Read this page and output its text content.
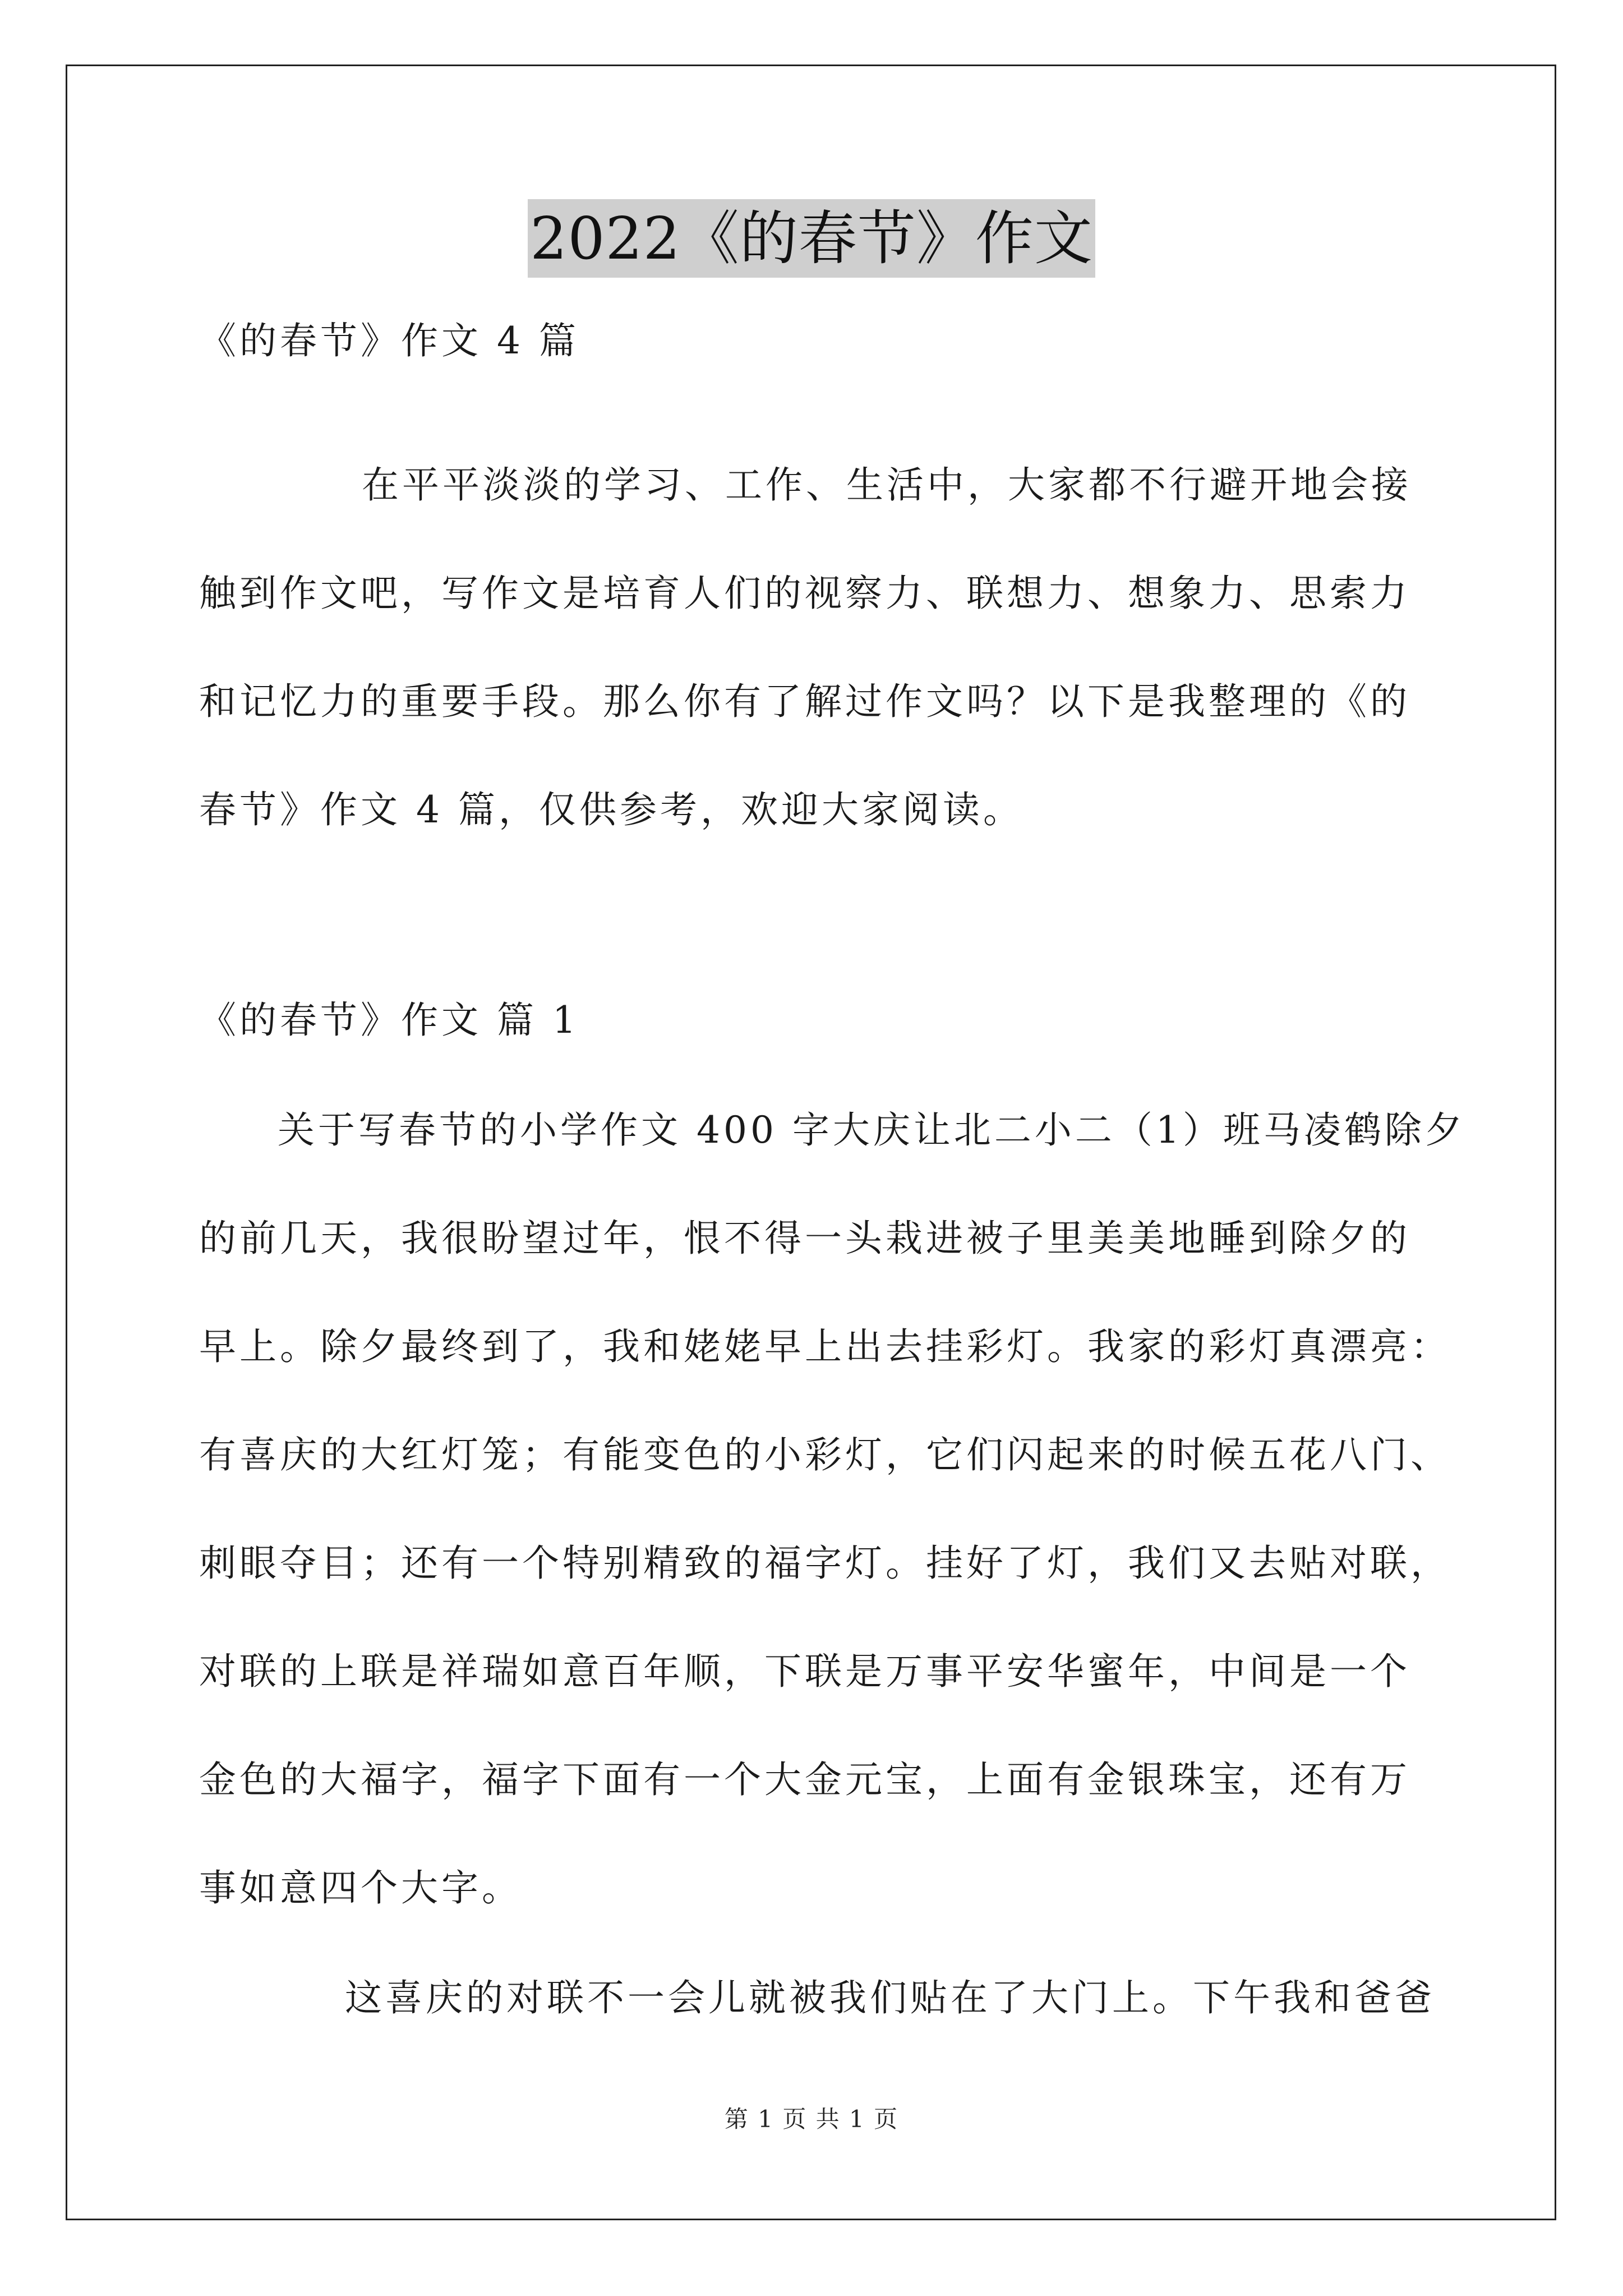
2022《的春节》作文
《的春节》作文 4 篇
在平平淡淡的学习、工作、生活中，大家都不行避开地会接
触到作文吧，写作文是培育人们的视察力、联想力、想象力、思索力
和记忆力的重要手段。那么你有了解过作文吗？以下是我整理的《的
春节》作文 4 篇，仅供参考，欢迎大家阅读。
《的春节》作文 篇 1
关于写春节的小学作文 400 字大庆让北二小二（1）班马凌鹤除夕
的前几天，我很盼望过年，恨不得一头栽进被子里美美地睡到除夕的
早上。除夕最终到了，我和姥姥早上出去挂彩灯。我家的彩灯真漂亮：
有喜庆的大红灯笼；有能变色的小彩灯，它们闪起来的时候五花八门、
刺眼夺目；还有一个特别精致的福字灯。挂好了灯，我们又去贴对联，
对联的上联是祥瑞如意百年顺，下联是万事平安华蜜年，中间是一个
金色的大福字，福字下面有一个大金元宝，上面有金银珠宝，还有万
事如意四个大字。
这喜庆的对联不一会儿就被我们贴在了大门上。下午我和爸爸
第 1 页 共 1 页
